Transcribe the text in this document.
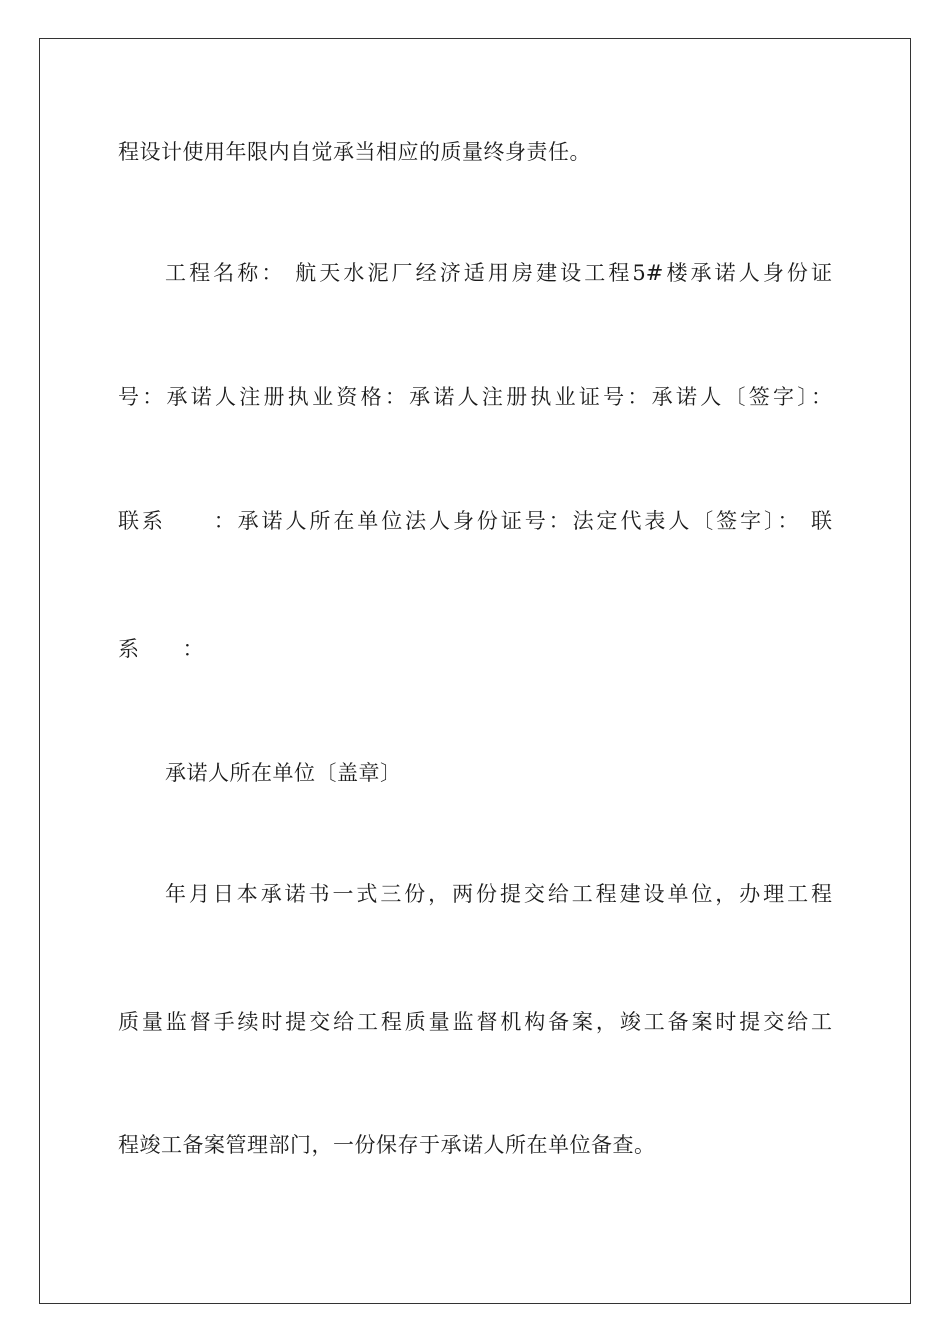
程设计使用年限内自觉承当相应的质量终身责任。
工程名称： 航天水泥厂经济适用房建设工程5#楼承诺人身份证
号：承诺人注册执业资格：承诺人注册执业证号：承诺人〔签字〕：
联系　　：承诺人所在单位法人身份证号：法定代表人〔签字〕： 联
系　　：
承诺人所在单位〔盖章〕
年月日本承诺书一式三份，两份提交给工程建设单位，办理工程
质量监督手续时提交给工程质量监督机构备案，竣工备案时提交给工
程竣工备案管理部门，一份保存于承诺人所在单位备查。
